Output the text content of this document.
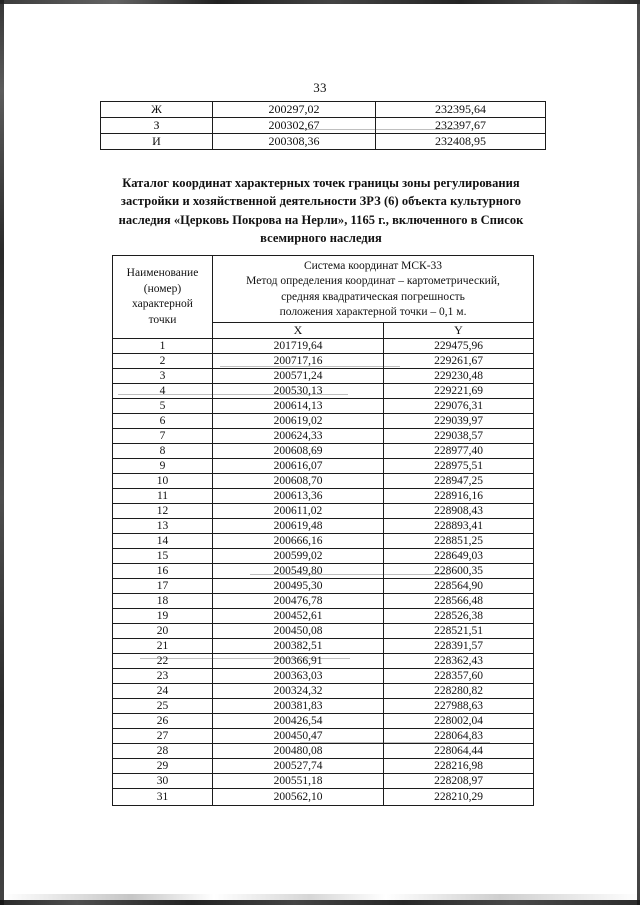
33
Ж	200297,02	232395,64
З	200302,67	232397,67
И	200308,36	232408,95
Каталог координат характерных точек границы зоны регулирования
застройки и хозяйственной деятельности ЗРЗ (6) объекта культурного
наследия «Церковь Покрова на Нерли», 1165 г., включенного в Список
всемирного наследия
Наименование
(номер)
характерной
точки

Система координат МСК-33
Метод определения координат – картометрический,
средняя квадратическая погрешность
положения характерной точки – 0,1 м.

	X	Y
1	201719,64	229475,96
2	200717,16	229261,67
3	200571,24	229230,48
4	200530,13	229221,69
5	200614,13	229076,31
6	200619,02	229039,97
7	200624,33	229038,57
8	200608,69	228977,40
9	200616,07	228975,51
10	200608,70	228947,25
11	200613,36	228916,16
12	200611,02	228908,43
13	200619,48	228893,41
14	200666,16	228851,25
15	200599,02	228649,03
16	200549,80	228600,35
17	200495,30	228564,90
18	200476,78	228566,48
19	200452,61	228526,38
20	200450,08	228521,51
21	200382,51	228391,57
22	200366,91	228362,43
23	200363,03	228357,60
24	200324,32	228280,82
25	200381,83	227988,63
26	200426,54	228002,04
27	200450,47	228064,83
28	200480,08	228064,44
29	200527,74	228216,98
30	200551,18	228208,97
31	200562,10	228210,29
